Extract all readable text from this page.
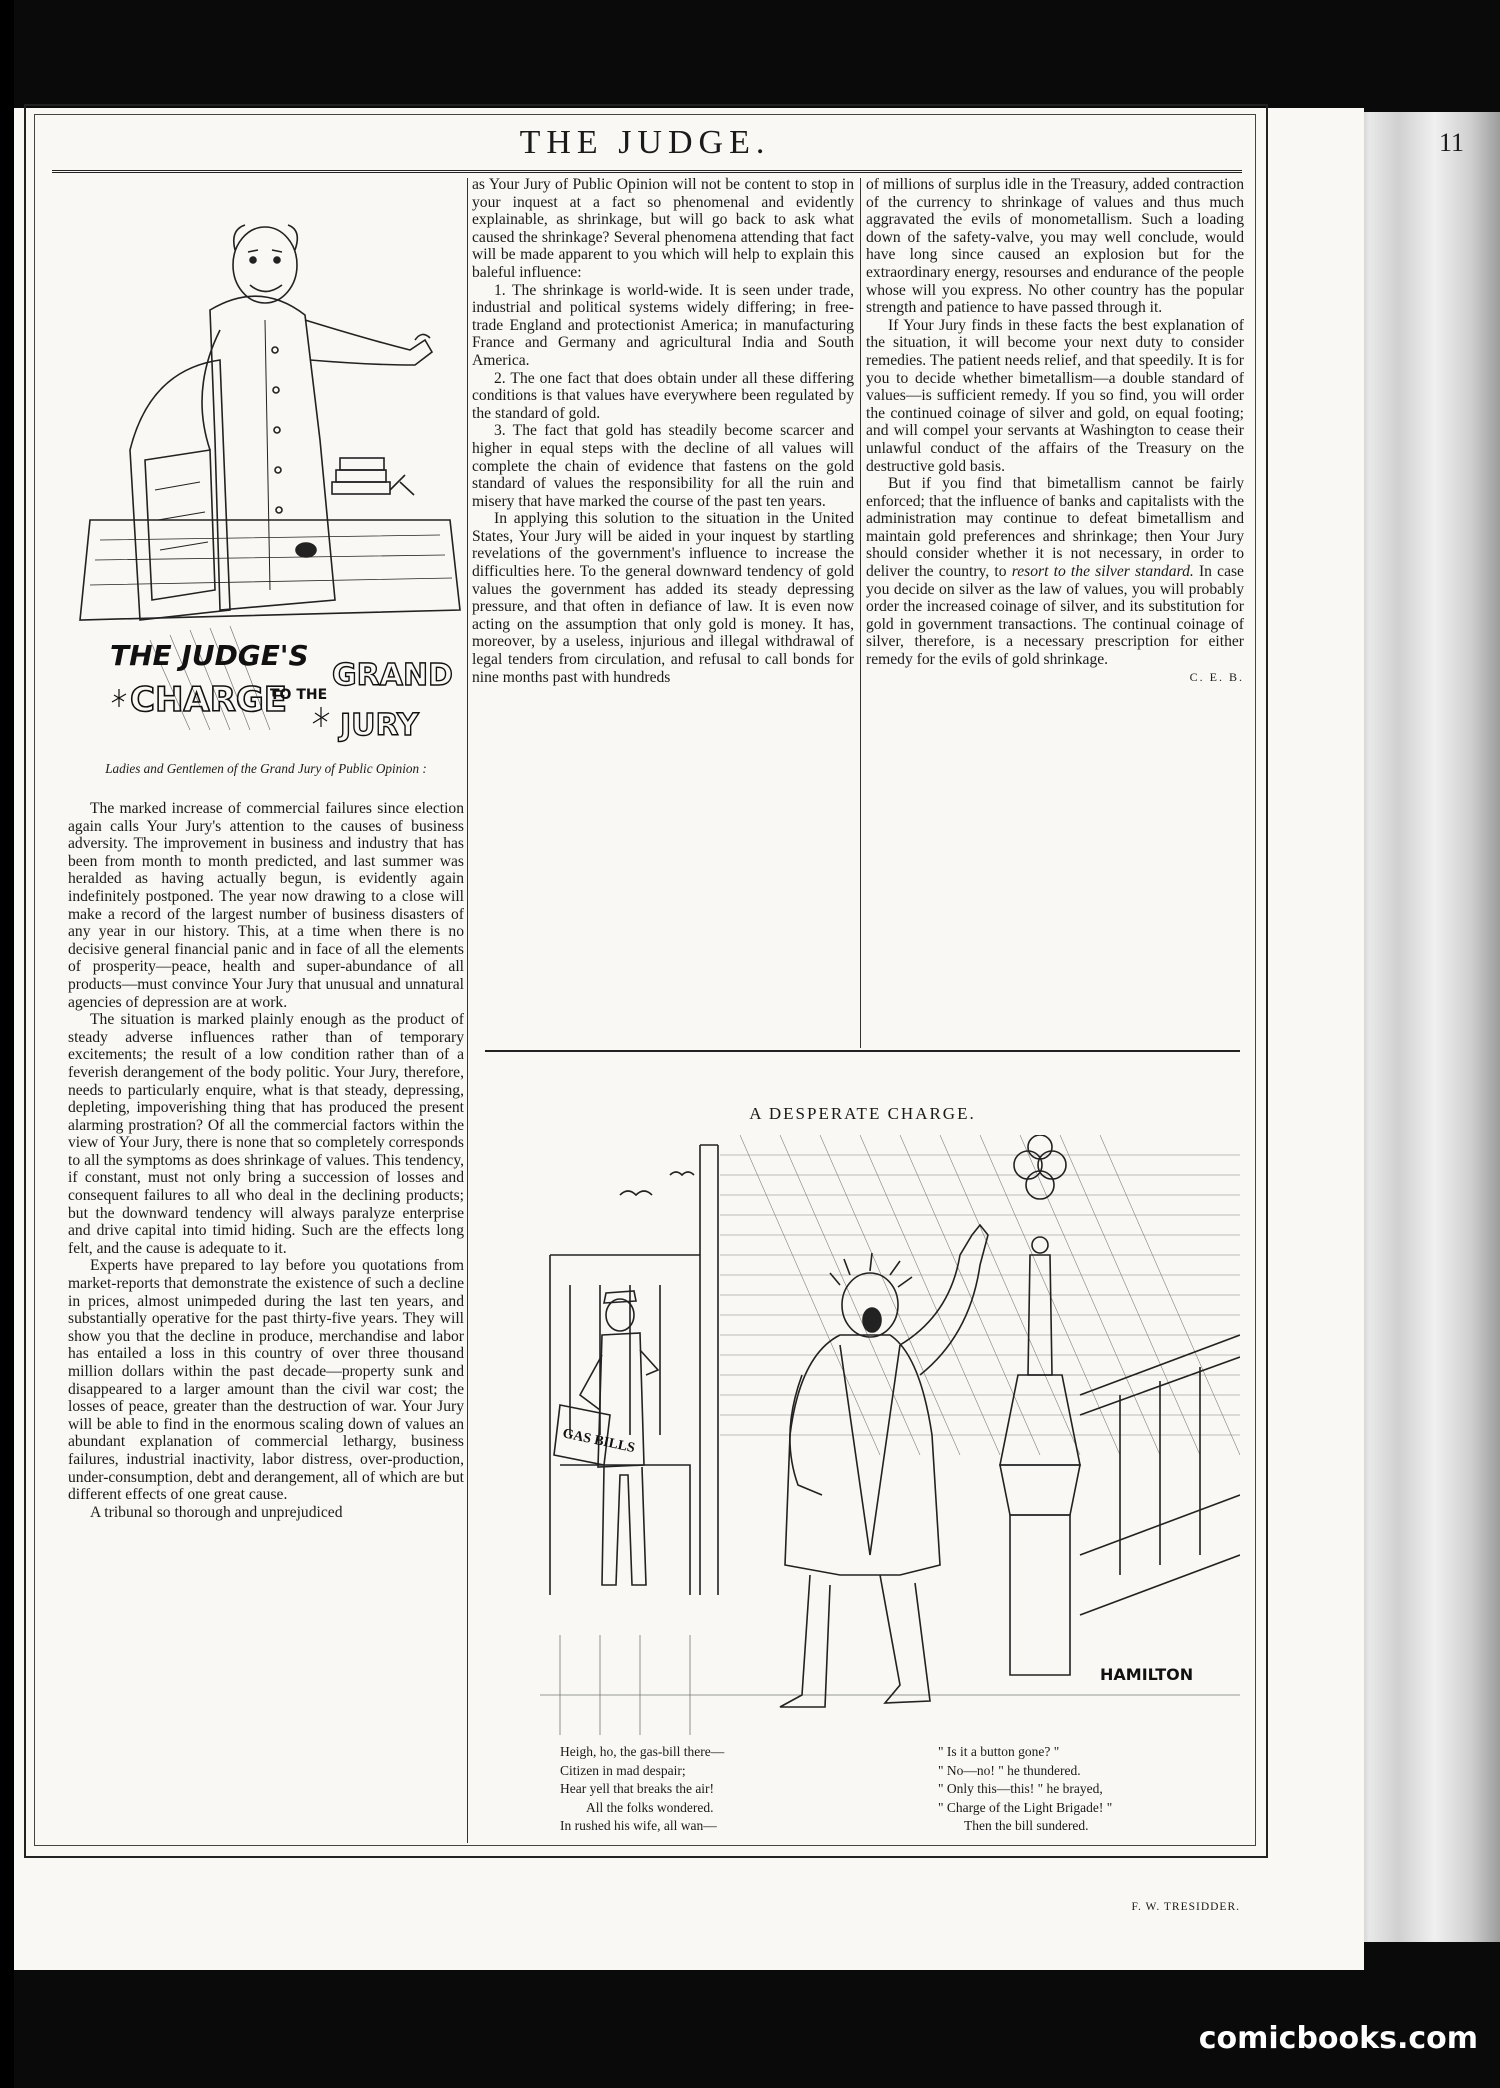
THE JUDGE.	11
THE JUDGE'S
CHARGE
TO THE
GRAND
JURY
Ladies and Gentlemen of the Grand Jury of Public Opinion :

The marked increase of commercial failures since election again calls Your Jury's attention to the causes of business adversity. The improvement in business and industry that has been from month to month predicted, and last summer was heralded as having actually begun, is evidently again indefinitely postponed. The year now drawing to a close will make a record of the largest number of business disasters of any year in our history. This, at a time when there is no decisive general financial panic and in face of all the elements of prosperity—peace, health and super-abundance of all products—must convince Your Jury that unusual and unnatural agencies of depression are at work.

The situation is marked plainly enough as the product of steady adverse influences rather than of temporary excitements; the result of a low condition rather than of a feverish derangement of the body politic. Your Jury, therefore, needs to particularly enquire, what is that steady, depressing, depleting, impoverishing thing that has produced the present alarming prostration? Of all the commercial factors within the view of Your Jury, there is none that so completely corresponds to all the symptoms as does shrinkage of values. This tendency, if constant, must not only bring a succession of losses and consequent failures to all who deal in the declining products; but the downward tendency will always paralyze enterprise and drive capital into timid hiding. Such are the effects long felt, and the cause is adequate to it.

Experts have prepared to lay before you quotations from market-reports that demonstrate the existence of such a decline in prices, almost unimpeded during the last ten years, and substantially operative for the past thirty-five years. They will show you that the decline in produce, merchandise and labor has entailed a loss in this country of over three thousand million dollars within the past decade—property sunk and disappeared to a larger amount than the civil war cost; the losses of peace, greater than the destruction of war. Your Jury will be able to find in the enormous scaling down of values an abundant explanation of commercial lethargy, business failures, industrial inactivity, labor distress, over-production, under-consumption, debt and derangement, all of which are but different effects of one great cause.

A tribunal so thorough and unprejudiced

as Your Jury of Public Opinion will not be content to stop in your inquest at a fact so phenomenal and evidently explainable, as shrinkage, but will go back to ask what caused the shrinkage? Several phenomena attending that fact will be made apparent to you which will help to explain this baleful influence:

1. The shrinkage is world-wide. It is seen under trade, industrial and political systems widely differing; in free-trade England and protectionist America; in manufacturing France and Germany and agricultural India and South America.

2. The one fact that does obtain under all these differing conditions is that values have everywhere been regulated by the standard of gold.

3. The fact that gold has steadily become scarcer and higher in equal steps with the decline of all values will complete the chain of evidence that fastens on the gold standard of values the responsibility for all the ruin and misery that have marked the course of the past ten years.

In applying this solution to the situation in the United States, Your Jury will be aided in your inquest by startling revelations of the government's influence to increase the difficulties here. To the general downward tendency of gold values the government has added its steady depressing pressure, and that often in defiance of law. It is even now acting on the assumption that only gold is money. It has, moreover, by a useless, injurious and illegal withdrawal of legal tenders from circulation, and refusal to call bonds for nine months past with hundreds

of millions of surplus idle in the Treasury, added contraction of the currency to shrinkage of values and thus much aggravated the evils of monometallism. Such a loading down of the safety-valve, you may well conclude, would have long since caused an explosion but for the extraordinary energy, resourses and endurance of the people whose will you express. No other country has the popular strength and patience to have passed through it.

If Your Jury finds in these facts the best explanation of the situation, it will become your next duty to consider remedies. The patient needs relief, and that speedily. It is for you to decide whether bimetallism—a double standard of values—is sufficient remedy. If you so find, you will order the continued coinage of silver and gold, on equal footing; and will compel your servants at Washington to cease their unlawful conduct of the affairs of the Treasury on the destructive gold basis.

But if you find that bimetallism cannot be fairly enforced; that the influence of banks and capitalists with the administration may continue to defeat bimetallism and maintain gold preferences and shrinkage; then Your Jury should consider whether it is not necessary, in order to deliver the country, to resort to the silver standard. In case you decide on silver as the law of values, you will probably order the increased coinage of silver, and its substitution for gold in government transactions. The continual coinage of silver, therefore, is a necessary prescription for either remedy for the evils of gold shrinkage.

C. E. B.
A DESPERATE CHARGE.
GAS BILLS
HAMILTON
Heigh, ho, the gas-bill there—
Citizen in mad despair;
Hear yell that breaks the air!
All the folks wondered.
In rushed his wife, all wan—
" Is it a button gone? "
" No—no! " he thundered.
" Only this—this! " he brayed,
" Charge of the Light Brigade! "
Then the bill sundered.
F. W. TRESIDDER.
comicbooks.com
